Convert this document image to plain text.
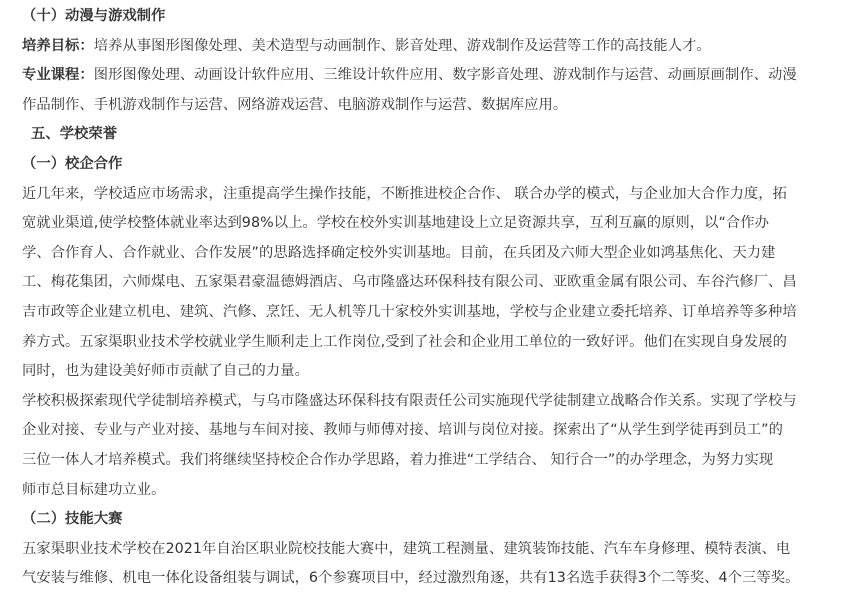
（十）动漫与游戏制作
培养目标：培养从事图形图像处理、美术造型与动画制作、影音处理、游戏制作及运营等工作的高技能人才。
专业课程：图形图像处理、动画设计软件应用、三维设计软件应用、数字影音处理、游戏制作与运营、动画原画制作、动漫
作品制作、手机游戏制作与运营、网络游戏运营、电脑游戏制作与运营、数据库应用。
五、学校荣誉
（一）校企合作
近几年来，学校适应市场需求，注重提高学生操作技能，不断推进校企合作、 联合办学的模式，与企业加大合作力度，拓
宽就业渠道,使学校整体就业率达到98%以上。学校在校外实训基地建设上立足资源共享，互利互赢的原则，以“合作办
学、合作育人、合作就业、合作发展”的思路选择确定校外实训基地。目前，在兵团及六师大型企业如鸿基焦化、天力建
工、梅花集团，六师煤电、五家渠君豪温德姆酒店、乌市隆盛达环保科技有限公司、亚欧重金属有限公司、车谷汽修厂、昌
吉市政等企业建立机电、建筑、汽修、烹饪、无人机等几十家校外实训基地，学校与企业建立委托培养、订单培养等多种培
养方式。五家渠职业技术学校就业学生顺利走上工作岗位,受到了社会和企业用工单位的一致好评。他们在实现自身发展的
同时，也为建设美好师市贡献了自己的力量。
学校积极探索现代学徒制培养模式，与乌市隆盛达环保科技有限责任公司实施现代学徒制建立战略合作关系。实现了学校与
企业对接、专业与产业对接、基地与车间对接、教师与师傅对接、培训与岗位对接。探索出了“从学生到学徒再到员工”的
三位一体人才培养模式。我们将继续坚持校企合作办学思路，着力推进“工学结合、 知行合一”的办学理念，为努力实现
师市总目标建功立业。
（二）技能大赛
五家渠职业技术学校在2021年自治区职业院校技能大赛中，建筑工程测量、建筑装饰技能、汽车车身修理、模特表演、电
气安装与维修、机电一体化设备组装与调试，6个参赛项目中，经过激烈角逐，共有13名选手获得3个二等奖、4个三等奖。
